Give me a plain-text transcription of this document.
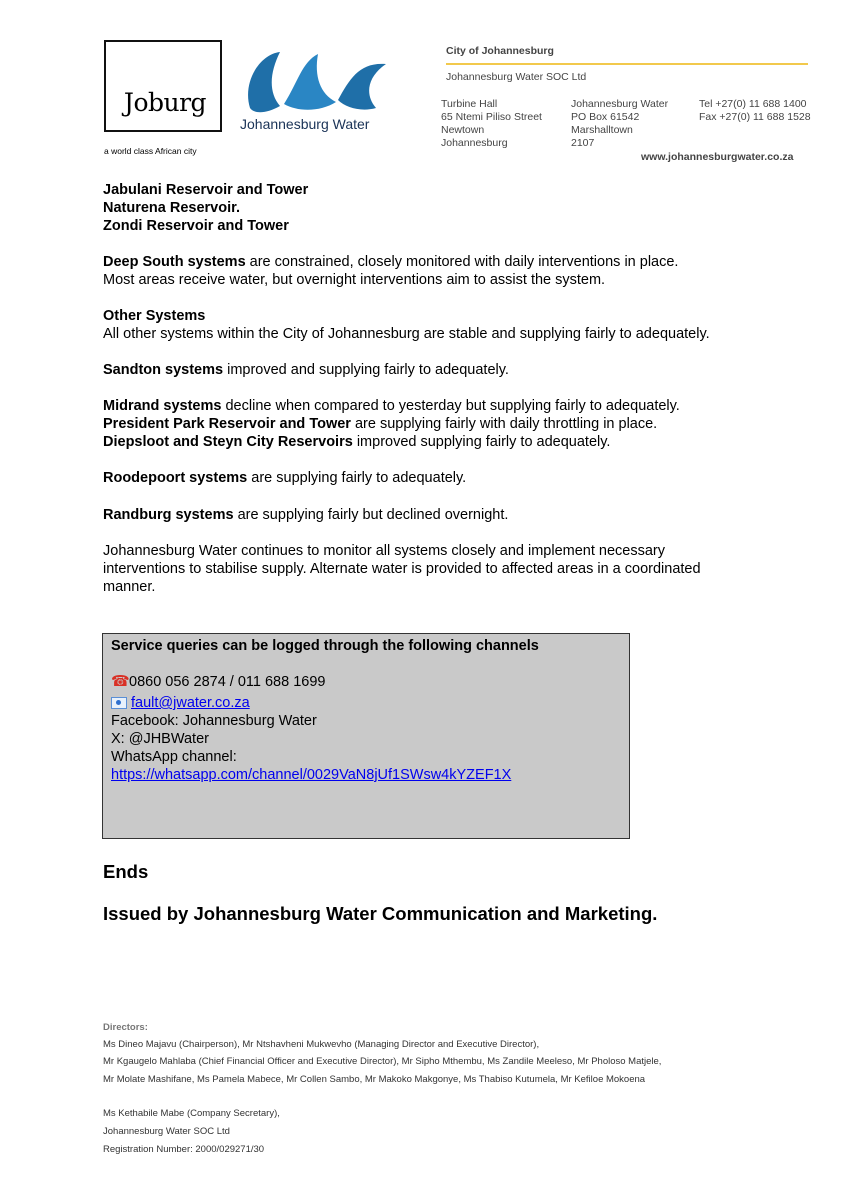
Joburg
a world class African city
Johannesburg Water
City of Johannesburg
Johannesburg Water SOC Ltd
Turbine Hall
65 Ntemi Piliso Street
Newtown
Johannesburg
Johannesburg Water
PO Box 61542
Marshalltown
2107
Tel +27(0) 11 688 1400
Fax +27(0) 11 688 1528
www.johannesburgwater.co.za
Jabulani Reservoir and Tower
Naturena Reservoir.
Zondi Reservoir and Tower
Deep South systems are constrained, closely monitored with daily interventions in place.
Most areas receive water, but overnight interventions aim to assist the system.
Other Systems
All other systems within the City of Johannesburg are stable and supplying fairly to adequately.
Sandton systems improved and supplying fairly to adequately.
Midrand systems decline when compared to yesterday but supplying fairly to adequately.
President Park Reservoir and Tower are supplying fairly with daily throttling in place.
Diepsloot and Steyn City Reservoirs improved supplying fairly to adequately.
Roodepoort systems are supplying fairly to adequately.
Randburg systems are supplying fairly but declined overnight.
Johannesburg Water continues to monitor all systems closely and implement necessary
interventions to stabilise supply. Alternate water is provided to affected areas in a coordinated
manner.
Service queries can be logged through the following channels
☎0860 056 2874 / 011 688 1699
fault@jwater.co.za
Facebook: Johannesburg Water
X: @JHBWater
WhatsApp channel:
https://whatsapp.com/channel/0029VaN8jUf1SWsw4kYZEF1X
Ends
Issued by Johannesburg Water Communication and Marketing.
Directors:
Ms Dineo Majavu (Chairperson), Mr Ntshavheni Mukwevho (Managing Director and Executive Director),
Mr Kgaugelo Mahlaba (Chief Financial Officer and Executive Director), Mr Sipho Mthembu, Ms Zandile Meeleso, Mr Pholoso Matjele,
Mr Molate Mashifane, Ms Pamela Mabece, Mr Collen Sambo, Mr Makoko Makgonye, Ms Thabiso Kutumela, Mr Kefiloe Mokoena
Ms Kethabile Mabe (Company Secretary),
Johannesburg Water SOC Ltd
Registration Number: 2000/029271/30
